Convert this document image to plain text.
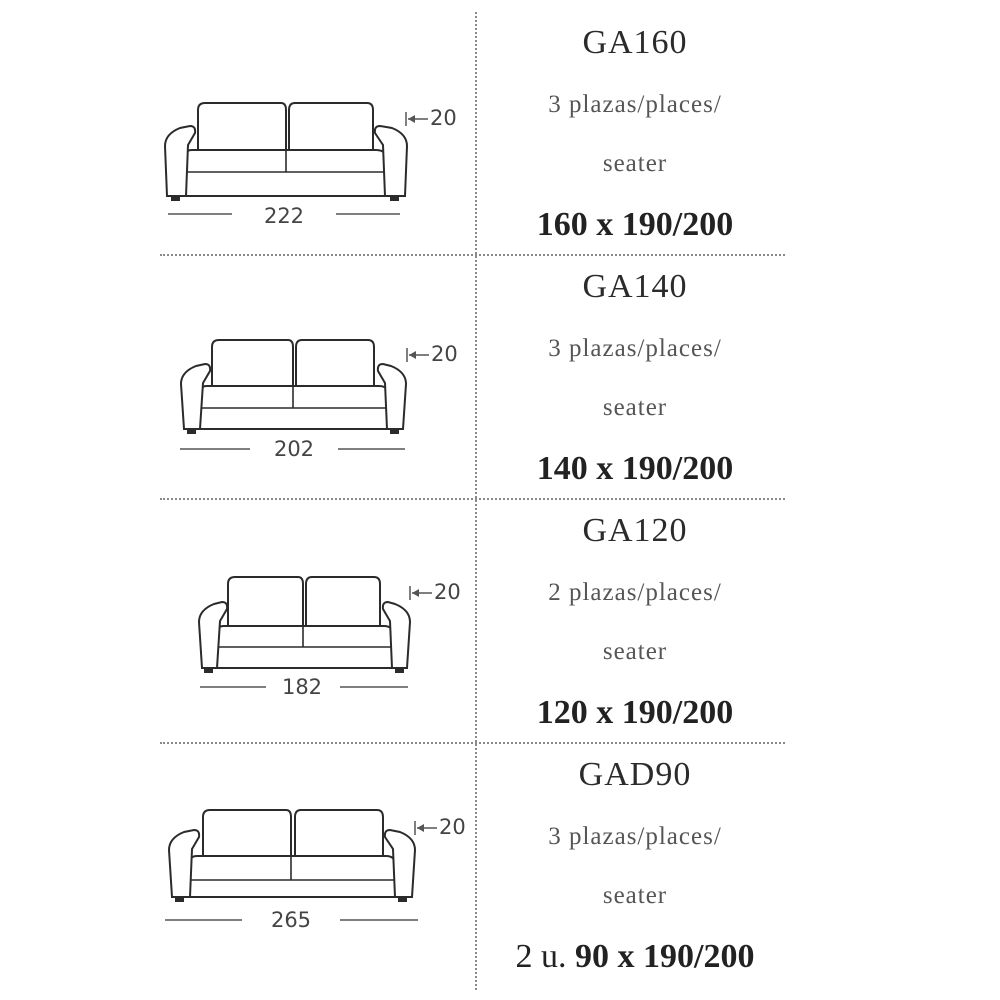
222
20
GA160
3 plazas/places/
seater
160 x 190/200
202
20
GA140
3 plazas/places/
seater
140 x 190/200
182
20
GA120
2 plazas/places/
seater
120 x 190/200
265
20
GAD90
3 plazas/places/
seater
2 u. 90 x 190/200
